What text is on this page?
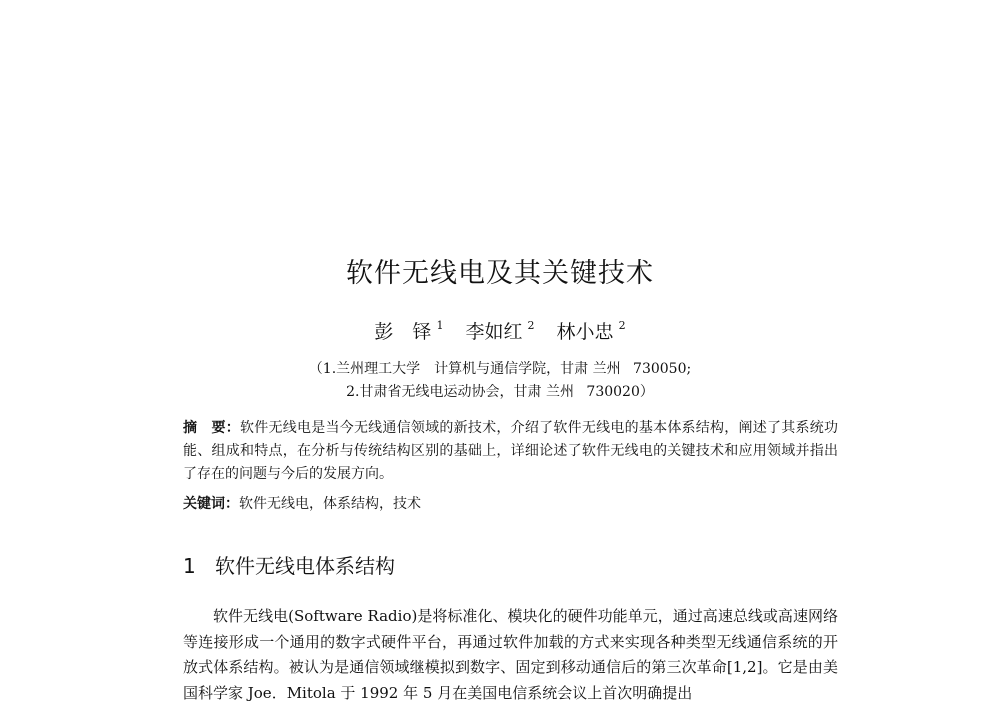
软件无线电及其关键技术
彭　铎 $^1$ 李如红 $^2$ 林小忠 $^2$
（1.兰州理工大学　计算机与通信学院，甘肃 兰州 730050;
2.甘肃省无线电运动协会，甘肃 兰州 730020）
摘　要：软件无线电是当今无线通信领域的新技术，介绍了软件无线电的基本体系结构，阐述了其系统功能、组成和特点，在分析与传统结构区别的基础上，详细论述了软件无线电的关键技术和应用领域并指出了存在的问题与今后的发展方向。
关键词：软件无线电，体系结构，技术
1 软件无线电体系结构
软件无线电(Software Radio)是将标准化、模块化的硬件功能单元，通过高速总线或高速网络等连接形成一个通用的数字式硬件平台，再通过软件加载的方式来实现各种类型无线通信系统的开放式体系结构。被认为是通信领域继模拟到数字、固定到移动通信后的第三次革命[1,2]。它是由美国科学家 Joe．Mitola 于 1992 年 5 月在美国电信系统会议上首次明确提出
